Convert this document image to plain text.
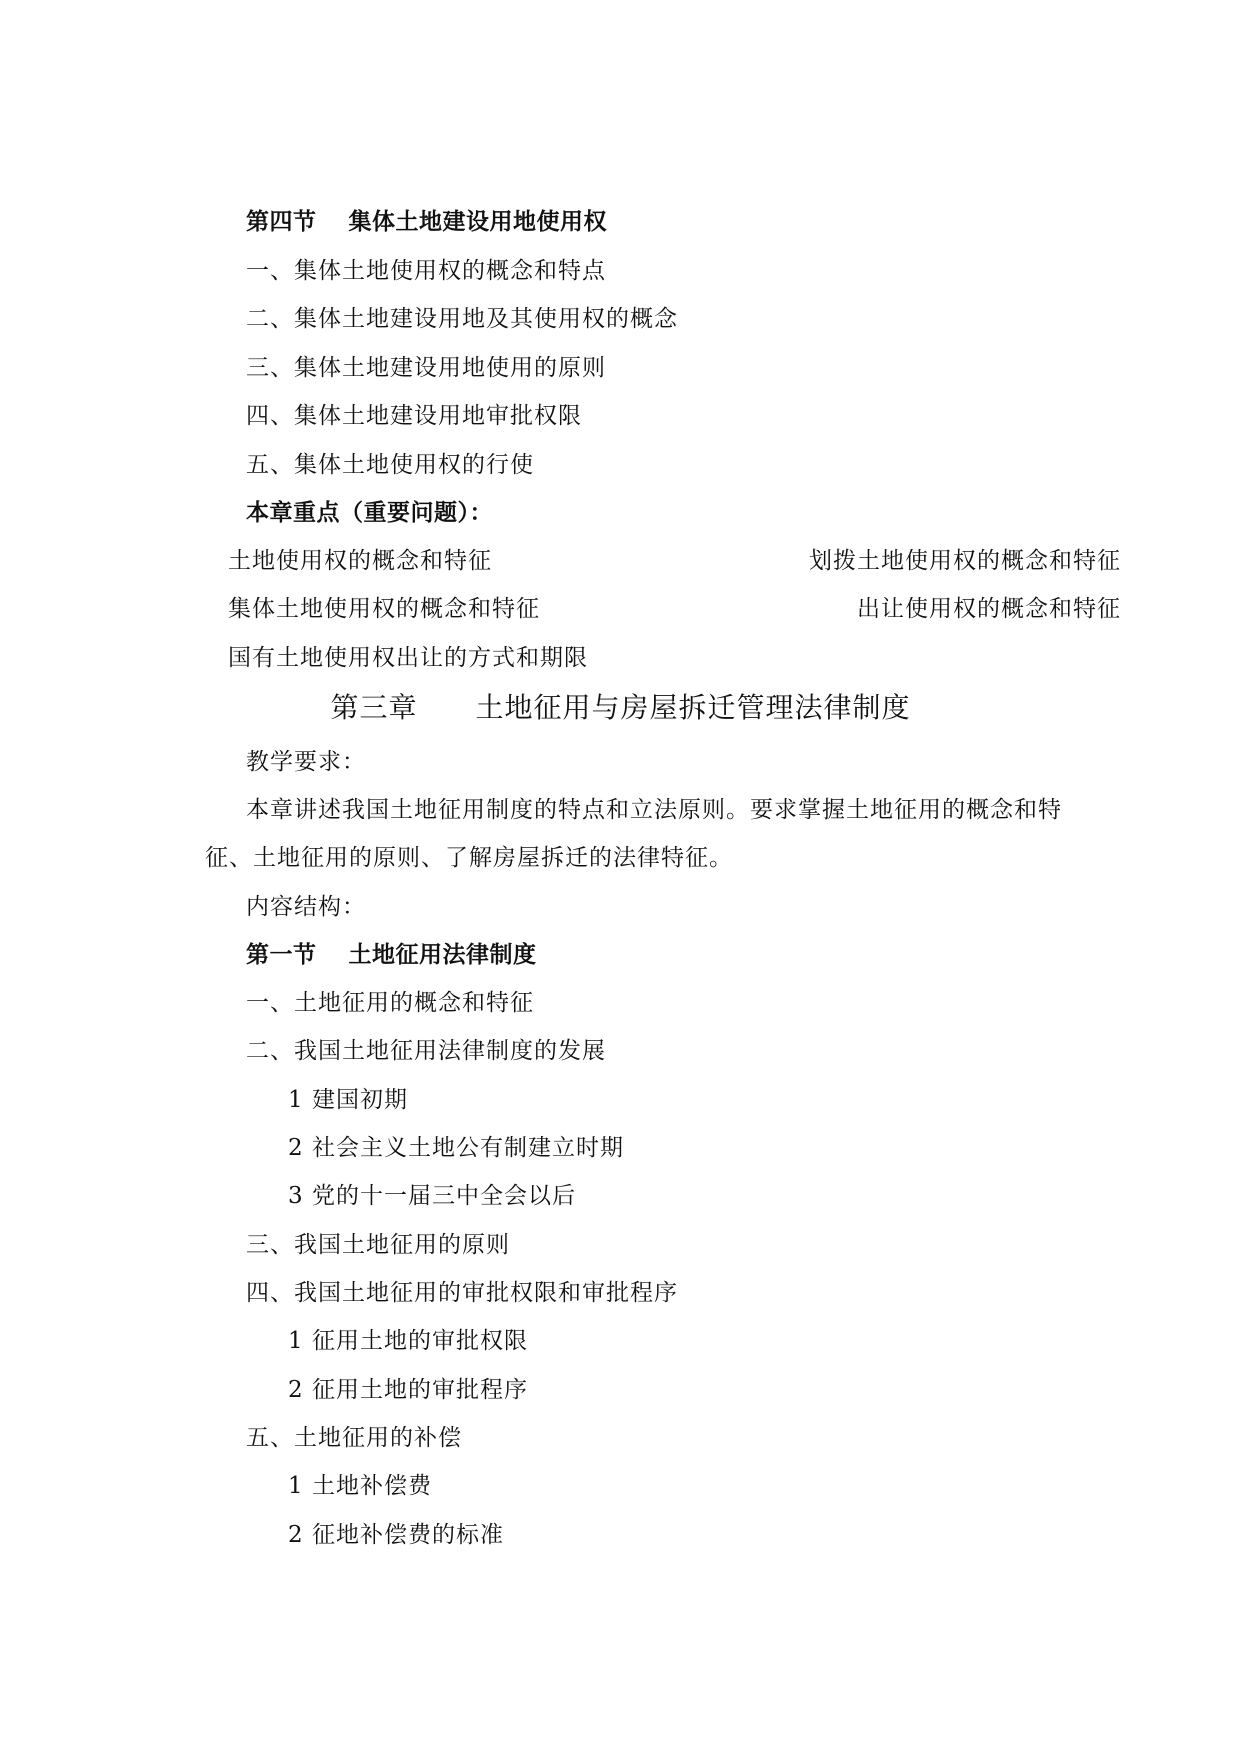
第四节　 集体土地建设用地使用权
一、集体土地使用权的概念和特点
二、集体土地建设用地及其使用权的概念
三、集体土地建设用地使用的原则
四、集体土地建设用地审批权限
五、集体土地使用权的行使
本章重点（重要问题）：
土地使用权的概念和特征	划拨土地使用权的概念和特征
集体土地使用权的概念和特征	出让使用权的概念和特征
国有土地使用权出让的方式和期限
第三章　　土地征用与房屋拆迁管理法律制度
教学要求：
本章讲述我国土地征用制度的特点和立法原则。要求掌握土地征用的概念和特
征、土地征用的原则、了解房屋拆迁的法律特征。
内容结构：
第一节　 土地征用法律制度
一、土地征用的概念和特征
二、我国土地征用法律制度的发展
1 建国初期
2 社会主义土地公有制建立时期
3 党的十一届三中全会以后
三、我国土地征用的原则
四、我国土地征用的审批权限和审批程序
1 征用土地的审批权限
2 征用土地的审批程序
五、土地征用的补偿
1 土地补偿费
2 征地补偿费的标准
